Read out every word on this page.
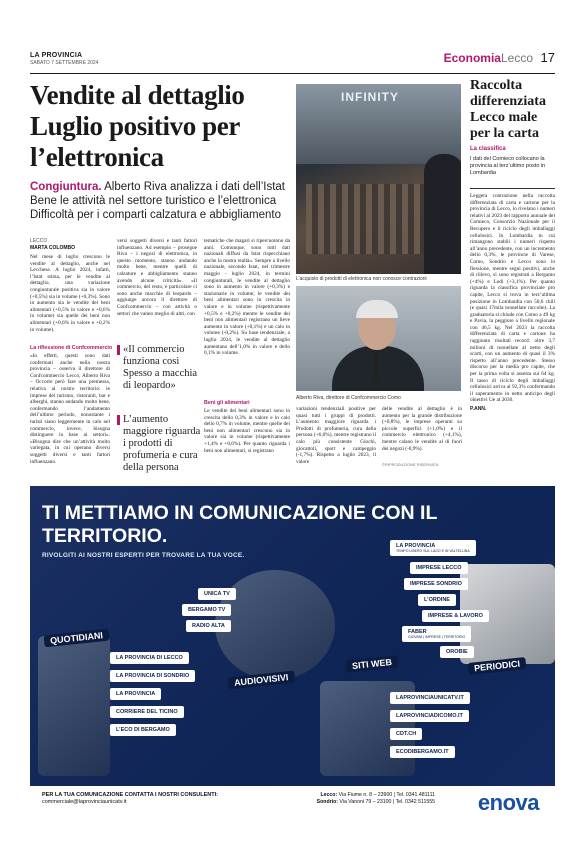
LA PROVINCIA
SABATO 7 SETTEMBRE 2024	EconomiaLecco 17
Vendite al dettaglio Luglio positivo per l’elettronica
Congiuntura. Alberto Riva analizza i dati dell’Istat Bene le attività nel settore turistico e l’elettronica Difficoltà per i comparti calzatura e abbigliamento
LECCO
MARTA COLOMBO
Nel mese di luglio crescono le vendite al dettaglio, anche nel Lecchese. A luglio 2024, infatti, l’Istat stima, per le vendite al dettaglio, una variazione congiunturale positiva sia in valore (+0,5%) sia in volume (+0,3%). Sono in aumento sia le vendite dei beni alimentari (+0,5% in valore e +0,6% in volume) sia quelle dei beni non alimentari (+0,6% in valore e +0,2% in volume).
La riflessione di Confcommercio
«In effetti, questi sono dati confermati anche nella nostra provincia – osserva il direttore di Confcommercio Lecco, Alberto Riva – Occorre però fare una premessa, relativa al nostro territorio: le imprese del turismo, ristoranti, bar e alberghi, stanno andando molto bene, confermando l’andamento dell’ultimo periodo, nonostante i turisti siano leggermente in calo nel commercio, invece, bisogna distinguere in base ai settori». «Bisogna dire che un’attività molto variegata, in cui operano diversi soggetti diversi e tanti fattori influenzano.
versi soggetti diversi e tanti fattori influenzano. Ad esempio – prosegue Riva – i negozi di elettronica, in questo momento, stanno andando molto bene, mentre quelli di calzature e abbigliamento stanno avendo alcune criticità». «Il commercio, del resto, è particolare ci sono anche macchie di leopardo – aggiunge ancora il direttore di Confcommercio – con attività o settori che vanno meglio di altri, con
«Il commercio funziona così Spesso a macchia di leopardo»
L’aumento maggiore riguarda i prodotti di profumeria e cura della persona
tematiche che magari si ripercuotono da anni. Comunque, sono tutti dati nazionali diffusi da Istat rispecchiano anche la nostra realtà». Sempre a livello nazionale, secondo Istat, nel trimestre maggio - luglio 2024, in termini congiunturali, le vendite al dettaglio sono in aumento in valore (+0,3%) e stazionarie in volume; le vendite dei beni alimentari sono in crescita in valore e in volume (rispettivamente +0,5% e +0,2%) mentre le vendite dei beni non alimentari registrano un lieve aumento in valore (+0,1%) e un calo in volume (-0,2%). Su base tendenziale, a luglio 2024, le vendite al dettaglio aumentano dell’1,0% in valore e dello 0,1% in volume.
Beni gli alimentari
Le vendite dei beni alimentari sono in crescita dello 0,3% in valore e in calo dello 0,7% in volume, mentre quelle dei beni non alimentari crescono sia in valore sia in volume (rispettivamente +1,4% e +0,6%). Per quanto riguarda i beni non alimentari, si registrano
variazioni tendenziali positive per quasi tutti i gruppi di prodotti. L’aumento maggiore riguarda i Prodotti di profumeria, cura della persona (+6,0%), mentre registrano il calo più consistente Giochi, giocattoli, sport e campeggio (-1,7%). Rispetto a luglio 2023, il valore
delle vendite al dettaglio è in aumento per la grande distribuzione (+0,8%), le imprese operanti su piccole superfici (+1,0%) e il commercio elettronico (+4,1%), mentre calano le vendite al di fuori dei negozi (-0,9%).
©RIPRODUZIONE RISERVATA
INFINITY
L’acquisto di prodotti di elettronica non conosce contrazioni
Alberto Riva, direttore di Confcommercio Como
Raccolta differenziata Lecco male per la carta
La classifica
I dati del Comieco collocano la provincia al terz’ultimo posto in Lombardia
Leggera contrazione nella raccolta differenziata di carta e cartone per la provincia di Lecco, lo rivelano i numeri relativi al 2023 del rapporto annuale del Comieco, Consorzio Nazionale per il Recupero e il riciclo degli imballaggi cellulosici. In Lombardia in cui rimangono stabili i numeri rispetto all’anno precedente, con un incremento dello 0,3%, le provincie di Varese, Como, Sondrio e Lecco sono in flessione, mentre segni positivi, anche di rilievo, si sono registrati a Bergamo (+4%) e Lodi (+3,1%). Per quanto riguarda la classifica provinciale pro capite, Lecco si trova in terz’ultima posizione in Lombardia con 50,6 chili (e quasi 17mila tonnellate raccolte). La graduatoria si chiude con Como a 49 kg e Pavia, la peggiore a livello regionale con 46,5 kg. Nel 2023 la raccolta differenziata di carta e cartone ha raggiunto risultati record: oltre 3,7 milioni di tonnellate al netto degli scarti, con un aumento di quasi il 3% rispetto all’anno precedente. Stesso discorso per la media pro capite, che per la prima volta si assesta sui 64 kg. Il tasso di riciclo degli imballaggi cellulosici arriva al 92,3% confermando il superamento in netto anticipo degli obiettivi Ue al 2030.
P.ANN.
TI METTIAMO IN COMUNICAZIONE CON IL TERRITORIO.
RIVOLGITI AI NOSTRI ESPERTI PER TROVARE LA TUA VOCE.
QUOTIDIANI
AUDIOVISIVI
SITI WEB	PERIODICI
LA PROVINCIA DI LECCO
LA PROVINCIA DI SONDRIO
LA PROVINCIA
CORRIERE DEL TICINO
L’ECO DI BERGAMO
UNICA TV
BERGAMO TV
RADIO ALTA
LAPROVINCIAUNICATV.IT
LAPROVINCIADICOMO.IT
CDT.CH
ECODIBERGAMO.IT
LA PROVINCIA
TEMPO LIBERO SUL LAGO E IN VALTELLINA
IMPRESE LECCO
IMPRESE SONDRIO
L’ORDINE
IMPRESE & LAVORO
FABER
GIOVANI | IMPRESE | TERRITORIO
OROBIE
PER LA TUA COMUNICAZIONE CONTATTA I NOSTRI CONSULENTI:
commerciale@laprovinciaunicatv.it
Lecco: Via Fiume n. 8 – 23900 | Tel. 0341.481111
Sondrio: Via Vanoni 79 – 23100 | Tel. 0342 511555 enova
